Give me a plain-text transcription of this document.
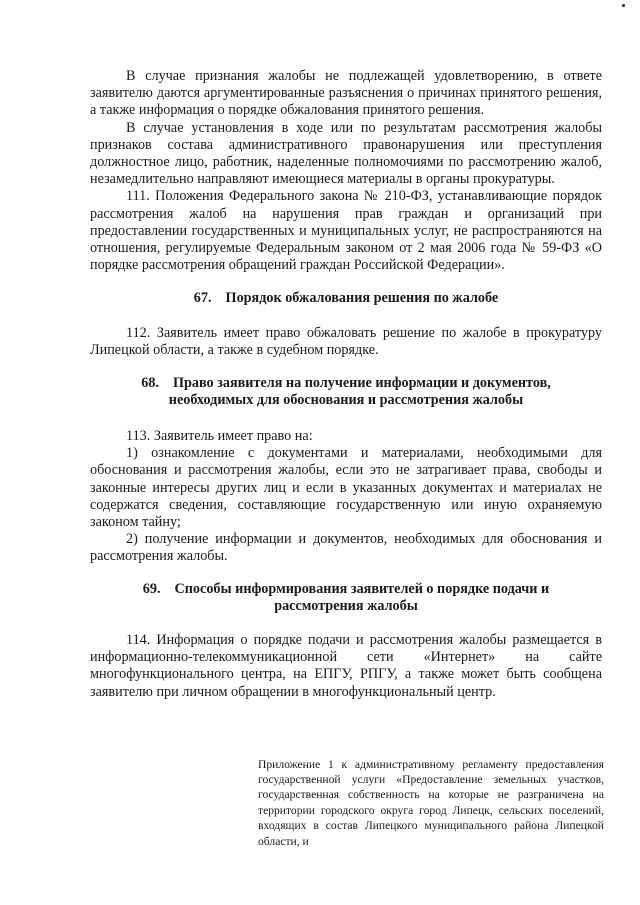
В случае признания жалобы не подлежащей удовлетворению, в ответе заявителю даются аргументированные разъяснения о причинах принятого решения, а также информация о порядке обжалования принятого решения.

В случае установления в ходе или по результатам рассмотрения жалобы признаков состава административного правонарушения или преступления должностное лицо, работник, наделенные полномочиями по рассмотрению жалоб, незамедлительно направляют имеющиеся материалы в органы прокуратуры.

111. Положения Федерального закона № 210-ФЗ, устанавливающие порядок рассмотрения жалоб на нарушения прав граждан и организаций при предоставлении государственных и муниципальных услуг, не распространяются на отношения, регулируемые Федеральным законом от 2 мая 2006 года № 59-ФЗ «О порядке рассмотрения обращений граждан Российской Федерации».

67. Порядок обжалования решения по жалобе

112. Заявитель имеет право обжаловать решение по жалобе в прокуратуру Липецкой области, а также в судебном порядке.

68. Право заявителя на получение информации и документов,

необходимых для обоснования и рассмотрения жалобы

113. Заявитель имеет право на:

1) ознакомление с документами и материалами, необходимыми для обоснования и рассмотрения жалобы, если это не затрагивает права, свободы и законные интересы других лиц и если в указанных документах и материалах не содержатся сведения, составляющие государственную или иную охраняемую законом тайну;

2) получение информации и документов, необходимых для обоснования и рассмотрения жалобы.

69. Способы информирования заявителей о порядке подачи и

рассмотрения жалобы

114. Информация о порядке подачи и рассмотрения жалобы размещается в информационно-телекоммуникационной сети «Интернет» на сайте многофункционального центра, на ЕПГУ, РПГУ, а также может быть сообщена заявителю при личном обращении в многофункциональный центр.

Приложение 1 к административному регламенту предоставления государственной услуги «Предоставление земельных участков, государственная собственность на которые не разграничена на территории городского округа город Липецк, сельских поселений, входящих в состав Липецкого муниципального района Липецкой области, и
